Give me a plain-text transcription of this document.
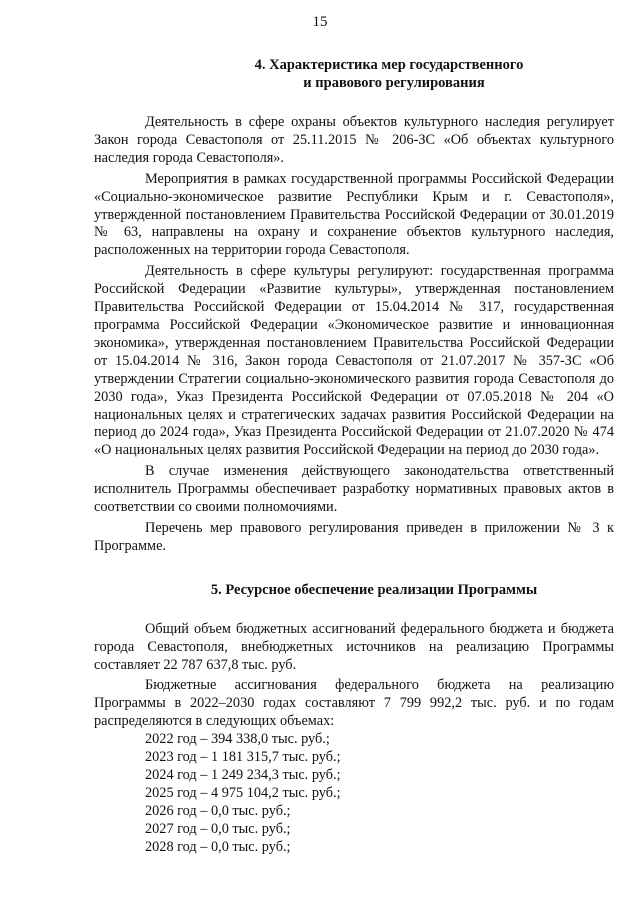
15
4. Характеристика мер государственного
и правового регулирования

Деятельность в сфере охраны объектов культурного наследия регулирует Закон города Севастополя от 25.11.2015 № 206-ЗС «Об объектах культурного наследия города Севастополя».

Мероприятия в рамках государственной программы Российской Федерации «Социально-экономическое развитие Республики Крым и г. Севастополя», утвержденной постановлением Правительства Российской Федерации от 30.01.2019 № 63, направлены на охрану и сохранение объектов культурного наследия, расположенных на территории города Севастополя.

Деятельность в сфере культуры регулируют: государственная программа Российской Федерации «Развитие культуры», утвержденная постановлением Правительства Российской Федерации от 15.04.2014 № 317, государственная программа Российской Федерации «Экономическое развитие и инновационная экономика», утвержденная постановлением Правительства Российской Федерации от 15.04.2014 № 316, Закон города Севастополя от 21.07.2017 № 357-ЗС «Об утверждении Стратегии социально-экономического развития города Севастополя до 2030 года», Указ Президента Российской Федерации от 07.05.2018 № 204 «О национальных целях и стратегических задачах развития Российской Федерации на период до 2024 года», Указ Президента Российской Федерации от 21.07.2020 № 474 «О национальных целях развития Российской Федерации на период до 2030 года».

В случае изменения действующего законодательства ответственный исполнитель Программы обеспечивает разработку нормативных правовых актов в соответствии со своими полномочиями.

Перечень мер правового регулирования приведен в приложении № 3 к Программе.

5. Ресурсное обеспечение реализации Программы

Общий объем бюджетных ассигнований федерального бюджета и бюджета города Севастополя, внебюджетных источников на реализацию Программы составляет 22 787 637,8 тыс. руб.

Бюджетные ассигнования федерального бюджета на реализацию Программы в 2022–2030 годах составляют 7 799 992,2 тыс. руб. и по годам распределяются в следующих объемах:

2022 год – 394 338,0 тыс. руб.;
2023 год – 1 181 315,7 тыс. руб.;
2024 год – 1 249 234,3 тыс. руб.;
2025 год – 4 975 104,2 тыс. руб.;
2026 год – 0,0 тыс. руб.;
2027 год – 0,0 тыс. руб.;
2028 год – 0,0 тыс. руб.;
